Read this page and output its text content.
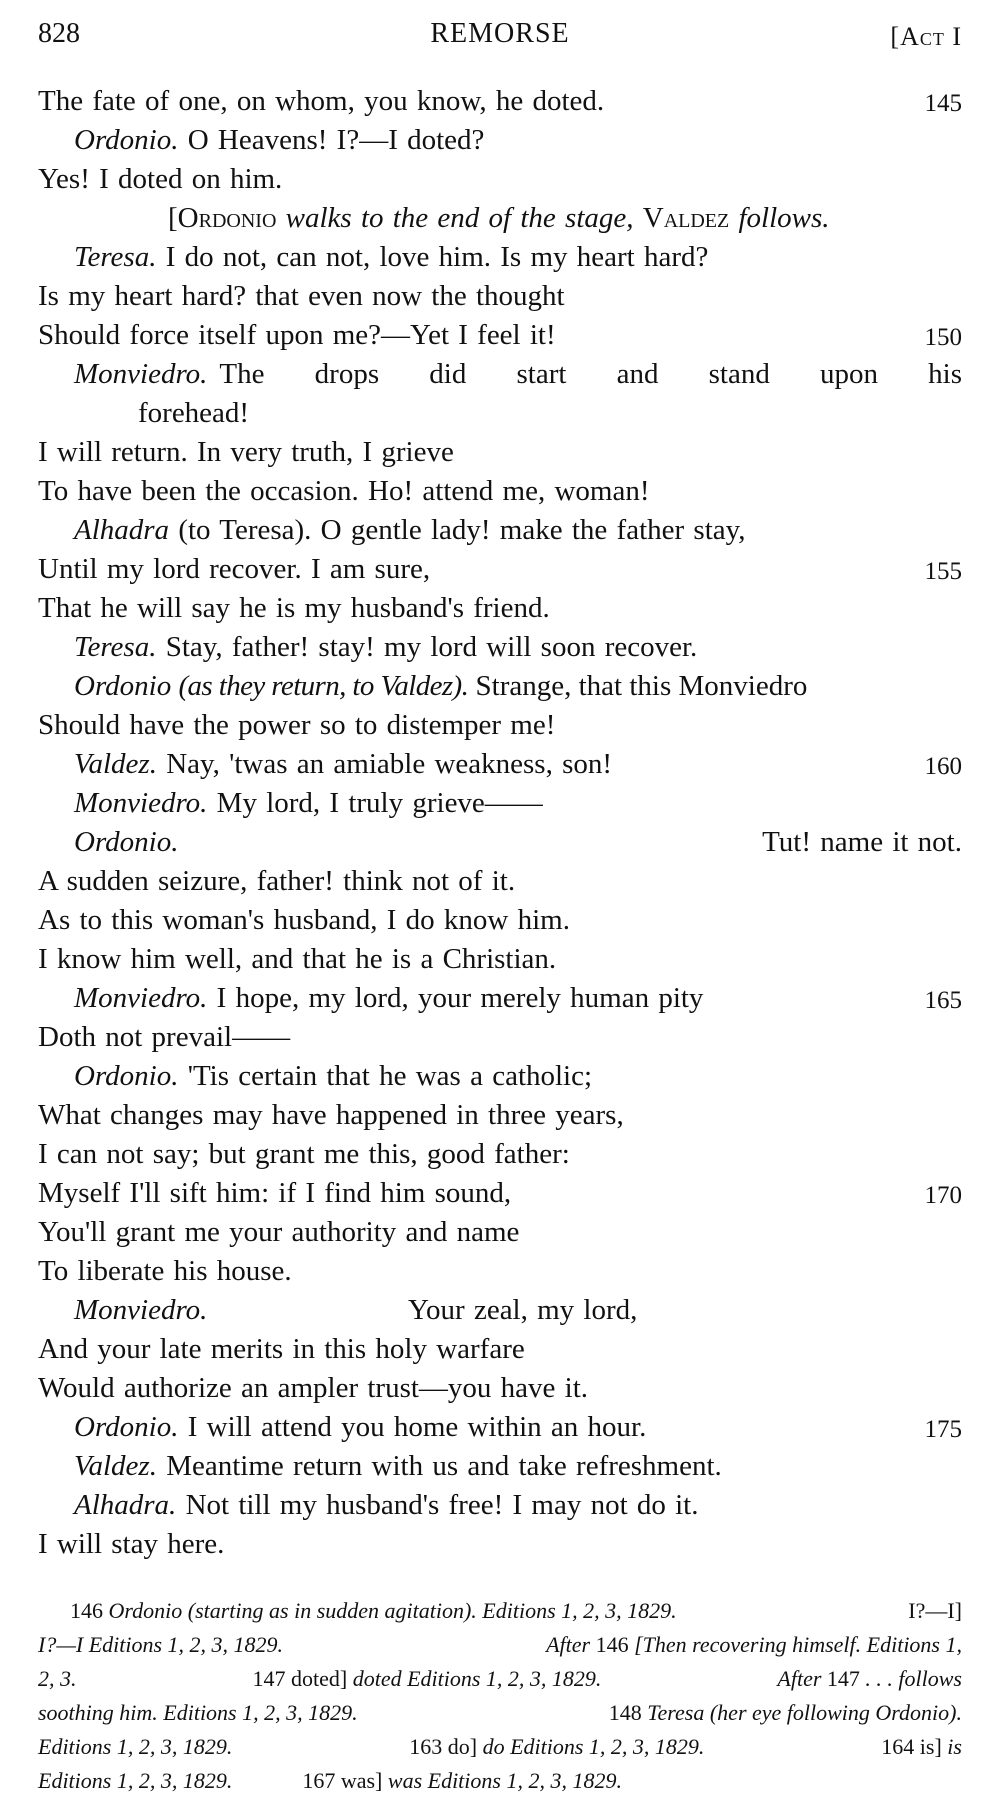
828	REMORSE	[Act I
The fate of one, on whom, you know, he doted.	145
Ordonio. O Heavens! I?—I doted?
Yes! I doted on him.
[Ordonio walks to the end of the stage, Valdez follows.
Teresa. I do not, can not, love him. Is my heart hard?
Is my heart hard? that even now the thought
Should force itself upon me?—Yet I feel it!	150
Monviedro. The drops did start and stand upon his
forehead!
I will return. In very truth, I grieve
To have been the occasion. Ho! attend me, woman!
Alhadra (to Teresa). O gentle lady! make the father stay,
Until my lord recover. I am sure,	155
That he will say he is my husband's friend.
Teresa. Stay, father! stay! my lord will soon recover.
Ordonio (as they return, to Valdez). Strange, that this Monviedro
Should have the power so to distemper me!
Valdez. Nay, 'twas an amiable weakness, son!	160
Monviedro. My lord, I truly grieve——
Ordonio.	Tut! name it not.
A sudden seizure, father! think not of it.
As to this woman's husband, I do know him.
I know him well, and that he is a Christian.
Monviedro. I hope, my lord, your merely human pity	165
Doth not prevail——
Ordonio. 'Tis certain that he was a catholic;
What changes may have happened in three years,
I can not say; but grant me this, good father:
Myself I'll sift him: if I find him sound,	170
You'll grant me your authority and name
To liberate his house.
Monviedro.	Your zeal, my lord,
And your late merits in this holy warfare
Would authorize an ampler trust—you have it.
Ordonio. I will attend you home within an hour.	175
Valdez. Meantime return with us and take refreshment.
Alhadra. Not till my husband's free! I may not do it.
I will stay here.
146 Ordonio (starting as in sudden agitation). Editions 1, 2, 3, 1829.	I?—I]
I?—I Editions 1, 2, 3, 1829.	After 146 [Then recovering himself. Editions 1,
2, 3.	147 doted] doted Editions 1, 2, 3, 1829.	After 147 . . . follows
soothing him. Editions 1, 2, 3, 1829.	148 Teresa (her eye following Ordonio).
Editions 1, 2, 3, 1829.	163 do] do Editions 1, 2, 3, 1829.	164 is] is
Editions 1, 2, 3, 1829.	167 was] was Editions 1, 2, 3, 1829.
